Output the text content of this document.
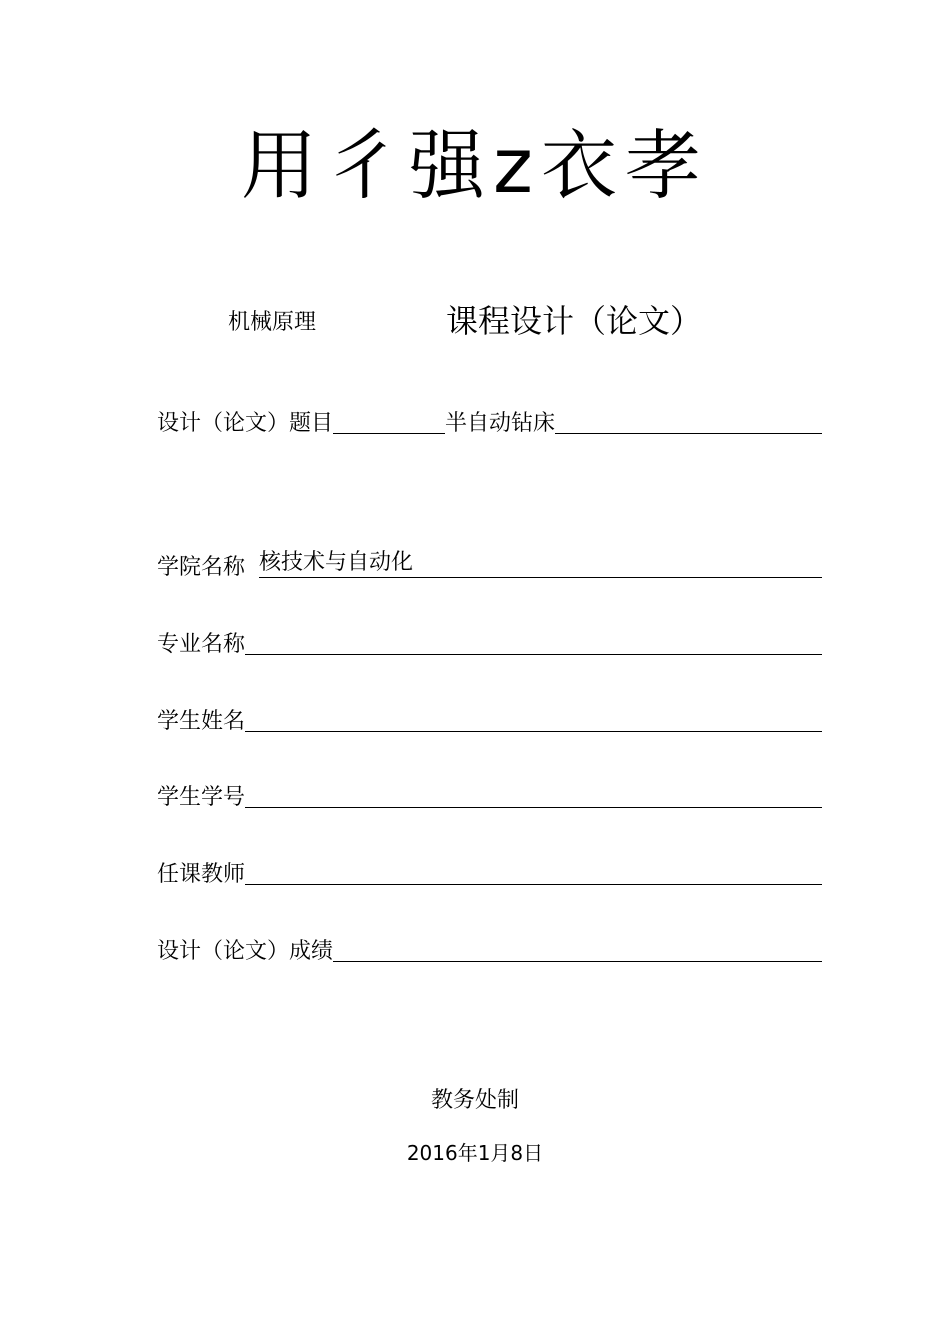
用彳强z衣孝
机械原理	课程设计（论文）
设计（论文）题目	半自动钻床
学院名称 核技术与自动化
专业名称
学生姓名
学生学号
任课教师
设计（论文）成绩
教务处制
2016年1月8日
